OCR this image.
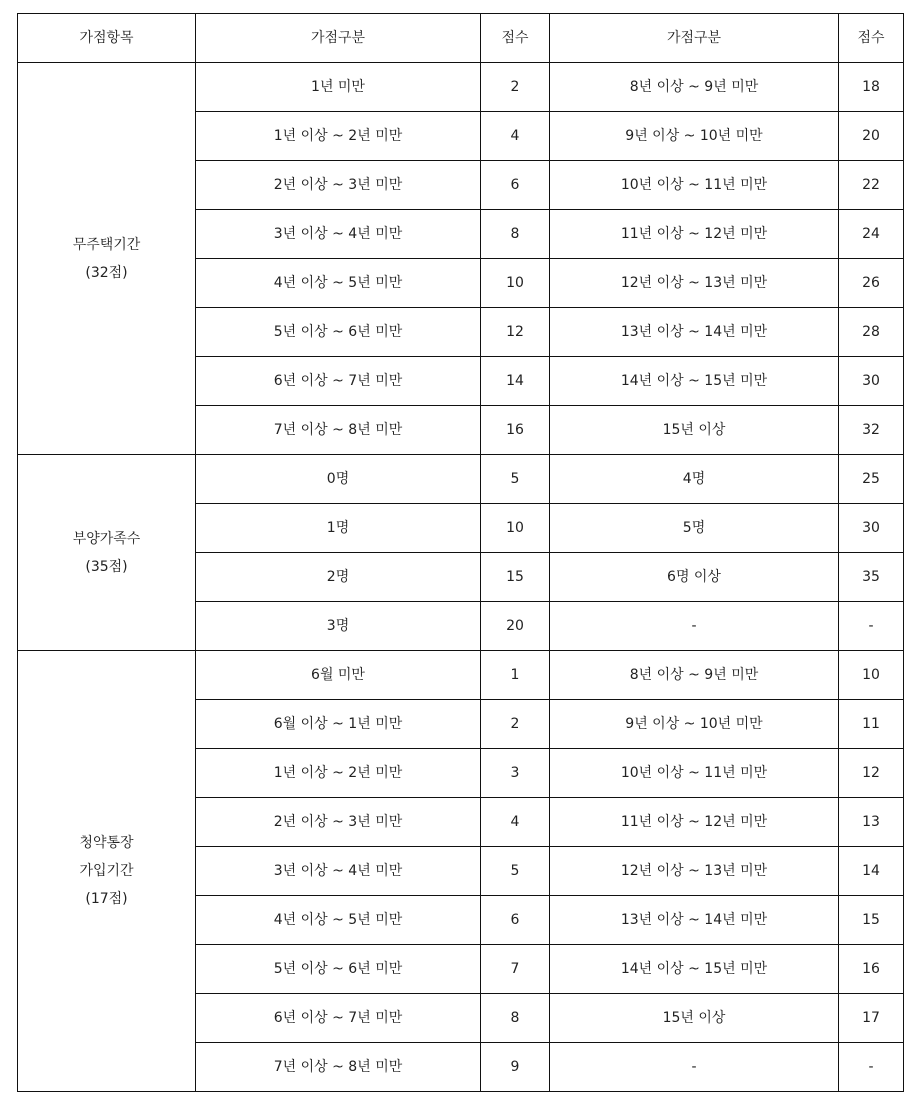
가점항목	가점구분	점수	가점구분	점수

무주택기간
(32점)	1년 미만	2	8년 이상 ~ 9년 미만	18
	1년 이상 ~ 2년 미만	4	9년 이상 ~ 10년 미만	20
	2년 이상 ~ 3년 미만	6	10년 이상 ~ 11년 미만	22
	3년 이상 ~ 4년 미만	8	11년 이상 ~ 12년 미만	24
	4년 이상 ~ 5년 미만	10	12년 이상 ~ 13년 미만	26
	5년 이상 ~ 6년 미만	12	13년 이상 ~ 14년 미만	28
	6년 이상 ~ 7년 미만	14	14년 이상 ~ 15년 미만	30
	7년 이상 ~ 8년 미만	16	15년 이상	32

부양가족수
(35점)	0명	5	4명	25
	1명	10	5명	30
	2명	15	6명 이상	35
	3명	20	-	-

청약통장
가입기간
(17점)	6월 미만	1	8년 이상 ~ 9년 미만	10
	6월 이상 ~ 1년 미만	2	9년 이상 ~ 10년 미만	11
	1년 이상 ~ 2년 미만	3	10년 이상 ~ 11년 미만	12
	2년 이상 ~ 3년 미만	4	11년 이상 ~ 12년 미만	13
	3년 이상 ~ 4년 미만	5	12년 이상 ~ 13년 미만	14
	4년 이상 ~ 5년 미만	6	13년 이상 ~ 14년 미만	15
	5년 이상 ~ 6년 미만	7	14년 이상 ~ 15년 미만	16
	6년 이상 ~ 7년 미만	8	15년 이상	17
	7년 이상 ~ 8년 미만	9	-	-
